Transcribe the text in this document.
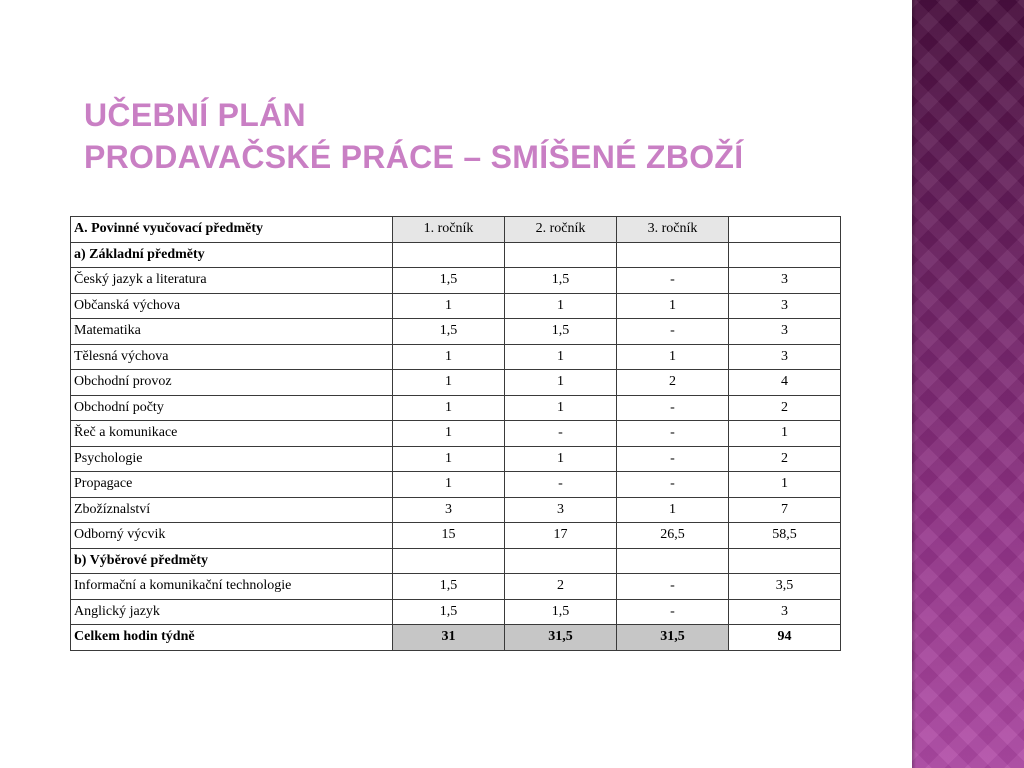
UČEBNÍ PLÁN
PRODAVAČSKÉ PRÁCE – SMÍŠENÉ ZBOŽÍ
A. Povinné vyučovací předměty	1. ročník	2. ročník	3. ročník	
a) Základní předměty				
Český jazyk a literatura	1,5	1,5	-	3
Občanská výchova	1	1	1	3
Matematika	1,5	1,5	-	3
Tělesná výchova	1	1	1	3
Obchodní provoz	1	1	2	4
Obchodní počty	1	1	-	2
Řeč a komunikace	1	-	-	1
Psychologie	1	1	-	2
Propagace	1	-	-	1
Zbožíznalství	3	3	1	7
Odborný výcvik	15	17	26,5	58,5
b) Výběrové předměty				
Informační a komunikační technologie	1,5	2	-	3,5
Anglický jazyk	1,5	1,5	-	3
Celkem hodin týdně	31	31,5	31,5	94
